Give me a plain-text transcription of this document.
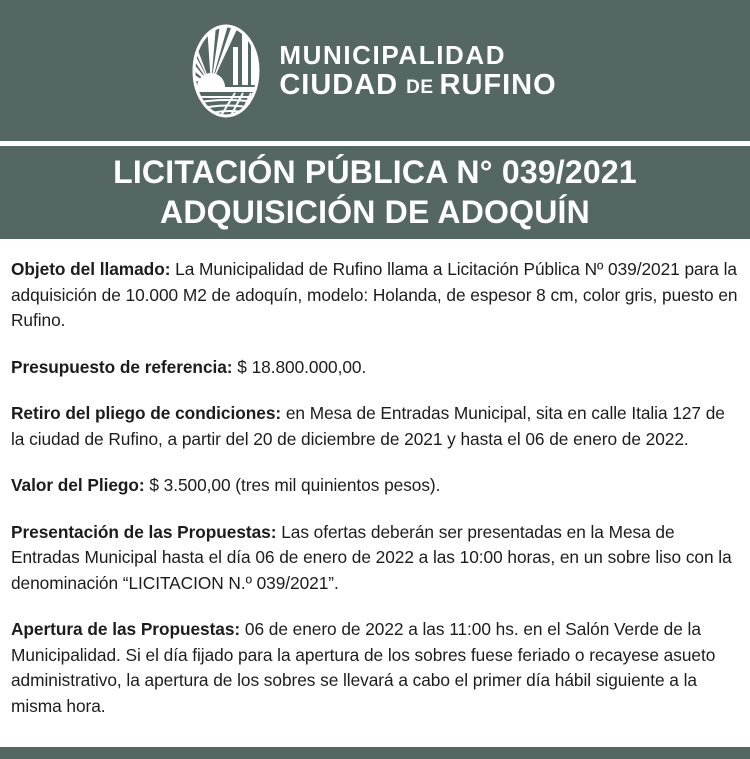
MUNICIPALIDAD
CIUDAD DE RUFINO
LICITACIÓN PÚBLICA N° 039/2021
ADQUISICIÓN DE ADOQUÍN

Objeto del llamado: La Municipalidad de Rufino llama a Licitación Pública Nº 039/2021 para la adquisición de 10.000 M2 de adoquín, modelo: Holanda, de espesor 8 cm, color gris, puesto en Rufino.

Presupuesto de referencia: $ 18.800.000,00.

Retiro del pliego de condiciones: en Mesa de Entradas Municipal, sita en calle Italia 127 de la ciudad de Rufino, a partir del 20 de diciembre de 2021 y hasta el 06 de enero de 2022.

Valor del Pliego: $ 3.500,00 (tres mil quinientos pesos).

Presentación de las Propuestas: Las ofertas deberán ser presentadas en la Mesa de Entradas Municipal hasta el día 06 de enero de 2022 a las 10:00 horas, en un sobre liso con la denominación “LICITACION N.º 039/2021”.

Apertura de las Propuestas: 06 de enero de 2022 a las 11:00 hs. en el Salón Verde de la Municipalidad. Si el día fijado para la apertura de los sobres fuese feriado o recayese asueto administrativo, la apertura de los sobres se llevará a cabo el primer día hábil siguiente a la misma hora.
